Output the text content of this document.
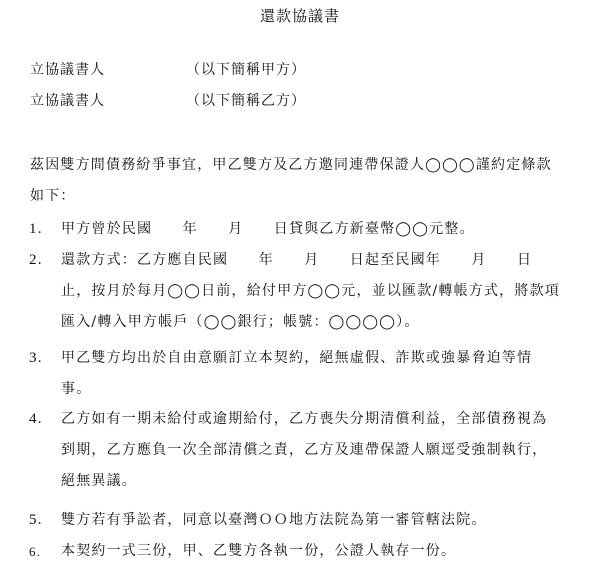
還款協議書
立協議書人	（以下簡稱甲方）
立協議書人	（以下簡稱乙方）
茲因雙方間債務紛爭事宜，甲乙雙方及乙方邀同連帶保證人◯◯◯謹約定條款
如下：
1. 甲方曾於民國　　年　　月　　日貸與乙方新臺幣◯◯元整。
2. 還款方式：乙方應自民國　　年　　月　　日起至民國年　　月　　日
止，按月於每月◯◯日前，給付甲方◯◯元，並以匯款/轉帳方式，將款項
匯入/轉入甲方帳戶（◯◯銀行；帳號：◯◯◯◯）。
3. 甲乙雙方均出於自由意願訂立本契約，絕無虛假、詐欺或強暴脅迫等情
事。
4. 乙方如有一期未給付或逾期給付，乙方喪失分期清償利益，全部債務視為
到期，乙方應負一次全部清償之責，乙方及連帶保證人願逕受強制執行，
絕無異議。
5. 雙方若有爭訟者，同意以臺灣ＯＯ地方法院為第一審管轄法院。
6. 本契約一式三份，甲、乙雙方各執一份，公證人執存一份。
